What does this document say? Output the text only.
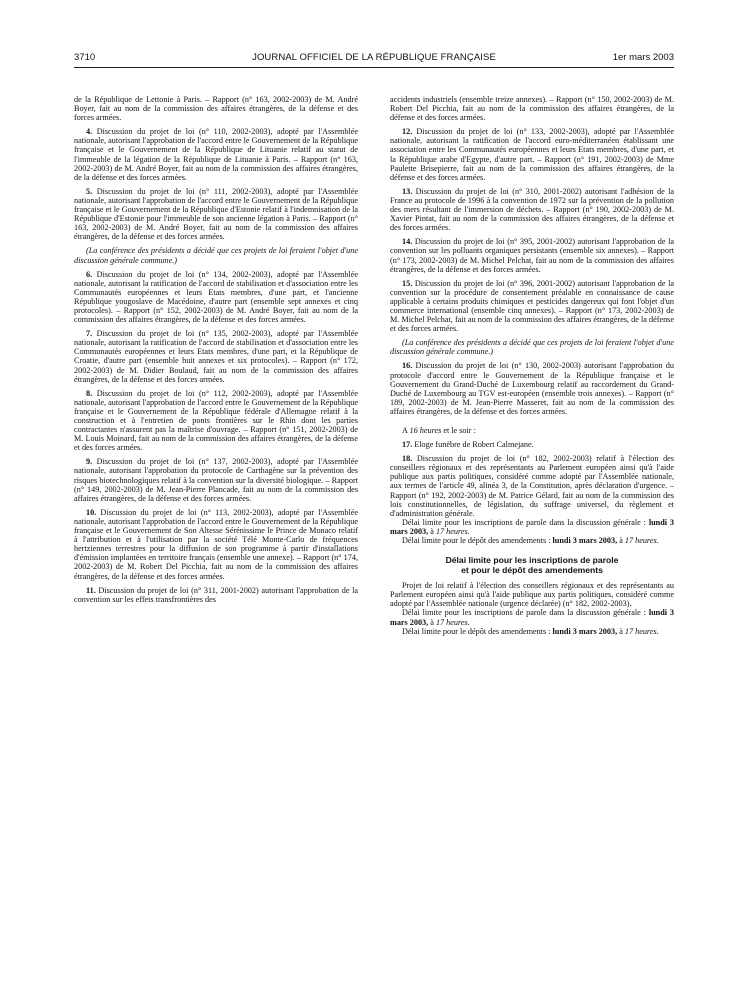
3710	JOURNAL OFFICIEL DE LA RÉPUBLIQUE FRANÇAISE	1er mars 2003

de la République de Lettonie à Paris. – Rapport (n° 163, 2002-2003) de M. André Boyer, fait au nom de la commission des affaires étrangères, de la défense et des forces armées.

4. Discussion du projet de loi (n° 110, 2002-2003), adopté par l'Assemblée nationale, autorisant l'approbation de l'accord entre le Gouvernement de la République française et le Gouvernement de la République de Lituanie relatif au statut de l'immeuble de la légation de la République de Lituanie à Paris. – Rapport (n° 163, 2002-2003) de M. André Boyer, fait au nom de la commission des affaires étrangères, de la défense et des forces armées.

5. Discussion du projet de loi (n° 111, 2002-2003), adopté par l'Assemblée nationale, autorisant l'approbation de l'accord entre le Gouvernement de la République française et le Gouvernement de la République d'Estonie relatif à l'indemnisation de la République d'Estonie pour l'immeuble de son ancienne légation à Paris. – Rapport (n° 163, 2002-2003) de M. André Boyer, fait au nom de la commission des affaires étrangères, de la défense et des forces armées.

(La conférence des présidents a décidé que ces projets de loi feraient l'objet d'une discussion générale commune.)

6. Discussion du projet de loi (n° 134, 2002-2003), adopté par l'Assemblée nationale, autorisant la ratification de l'accord de stabilisation et d'association entre les Communautés européennes et leurs Etats membres, d'une part, et l'ancienne République yougoslave de Macédoine, d'autre part (ensemble sept annexes et cinq protocoles). – Rapport (n° 152, 2002-2003) de M. André Boyer, fait au nom de la commission des affaires étrangères, de la défense et des forces armées.

7. Discussion du projet de loi (n° 135, 2002-2003), adopté par l'Assemblée nationale, autorisant la ratification de l'accord de stabilisation et d'association entre les Communautés européennes et leurs Etats membres, d'une part, et la République de Croatie, d'autre part (ensemble huit annexes et six protocoles). – Rapport (n° 172, 2002-2003) de M. Didier Boulaud, fait au nom de la commission des affaires étrangères, de la défense et des forces armées.

8. Discussion du projet de loi (n° 112, 2002-2003), adopté par l'Assemblée nationale, autorisant l'approbation de l'accord entre le Gouvernement de la République française et le Gouvernement de la République fédérale d'Allemagne relatif à la construction et à l'entretien de ponts frontières sur le Rhin dont les parties contractantes n'assurent pas la maîtrise d'ouvrage. – Rapport (n° 151, 2002-2003) de M. Louis Moinard, fait au nom de la commission des affaires étrangères, de la défense et des forces armées.

9. Discussion du projet de loi (n° 137, 2002-2003), adopté par l'Assemblée nationale, autorisant l'approbation du protocole de Carthagène sur la prévention des risques biotechnologiques relatif à la convention sur la diversité biologique. – Rapport (n° 149, 2002-2003) de M. Jean-Pierre Plancade, fait au nom de la commission des affaires étrangères, de la défense et des forces armées.

10. Discussion du projet de loi (n° 113, 2002-2003), adopté par l'Assemblée nationale, autorisant l'approbation de l'accord entre le Gouvernement de la République française et le Gouvernement de Son Altesse Sérénissime le Prince de Monaco relatif à l'attribution et à l'utilisation par la société Télé Monte-Carlo de fréquences hertziennes terrestres pour la diffusion de son programme à partir d'installations d'émission implantées en territoire français (ensemble une annexe). – Rapport (n° 174, 2002-2003) de M. Robert Del Picchia, fait au nom de la commission des affaires étrangères, de la défense et des forces armées.

11. Discussion du projet de loi (n° 311, 2001-2002) autorisant l'approbation de la convention sur les effets transfrontières des

accidents industriels (ensemble treize annexes). – Rapport (n° 150, 2002-2003) de M. Robert Del Picchia, fait au nom de la commission des affaires étrangères, de la défense et des forces armées.

12. Discussion du projet de loi (n° 133, 2002-2003), adopté par l'Assemblée nationale, autorisant la ratification de l'accord euro-méditerranéen établissant une association entre les Communautés européennes et leurs Etats membres, d'une part, et la République arabe d'Egypte, d'autre part. – Rapport (n° 191, 2002-2003) de Mme Paulette Brisepierre, fait au nom de la commission des affaires étrangères, de la défense et des forces armées.

13. Discussion du projet de loi (n° 310, 2001-2002) autorisant l'adhésion de la France au protocole de 1996 à la convention de 1972 sur la prévention de la pollution des mers résultant de l'immersion de déchets. – Rapport (n° 190, 2002-2003) de M. Xavier Pintat, fait au nom de la commission des affaires étrangères, de la défense et des forces armées.

14. Discussion du projet de loi (n° 395, 2001-2002) autorisant l'approbation de la convention sur les polluants organiques persistants (ensemble six annexes). – Rapport (n° 173, 2002-2003) de M. Michel Pelchat, fait au nom de la commission des affaires étrangères, de la défense et des forces armées.

15. Discussion du projet de loi (n° 396, 2001-2002) autorisant l'approbation de la convention sur la procédure de consentement préalable en connaissance de cause applicable à certains produits chimiques et pesticides dangereux qui font l'objet d'un commerce international (ensemble cinq annexes). – Rapport (n° 173, 2002-2003) de M. Michel Pelchat, fait au nom de la commission des affaires étrangères, de la défense et des forces armées.

(La conférence des présidents a décidé que ces projets de loi feraient l'objet d'une discussion générale commune.)

16. Discussion du projet de loi (n° 130, 2002-2003) autorisant l'approbation du protocole d'accord entre le Gouvernement de la République française et le Gouvernement du Grand-Duché de Luxembourg relatif au raccordement du Grand-Duché de Luxembourg au TGV est-européen (ensemble trois annexes). – Rapport (n° 189, 2002-2003) de M. Jean-Pierre Masseret, fait au nom de la commission des affaires étrangères, de la défense et des forces armées.

A 16 heures et le soir :

17. Eloge funèbre de Robert Calmejane.

18. Discussion du projet de loi (n° 182, 2002-2003) relatif à l'élection des conseillers régionaux et des représentants au Parlement européen ainsi qu'à l'aide publique aux partis politiques, considéré comme adopté par l'Assemblée nationale, aux termes de l'article 49, alinéa 3, de la Constitution, après déclaration d'urgence. – Rapport (n° 192, 2002-2003) de M. Patrice Gélard, fait au nom de la commission des lois constitutionnelles, de législation, du suffrage universel, du règlement et d'administration générale.

Délai limite pour les inscriptions de parole dans la discussion générale : lundi 3 mars 2003, à 17 heures.

Délai limite pour le dépôt des amendements : lundi 3 mars 2003, à 17 heures.

Délai limite pour les inscriptions de parole
et pour le dépôt des amendements

Projet de loi relatif à l'élection des conseillers régionaux et des représentants au Parlement européen ainsi qu'à l'aide publique aux partis politiques, considéré comme adopté par l'Assemblée nationale (urgence déclarée) (n° 182, 2002-2003).

Délai limite pour les inscriptions de parole dans la discussion générale : lundi 3 mars 2003, à 17 heures.

Délai limite pour le dépôt des amendements : lundi 3 mars 2003, à 17 heures.
